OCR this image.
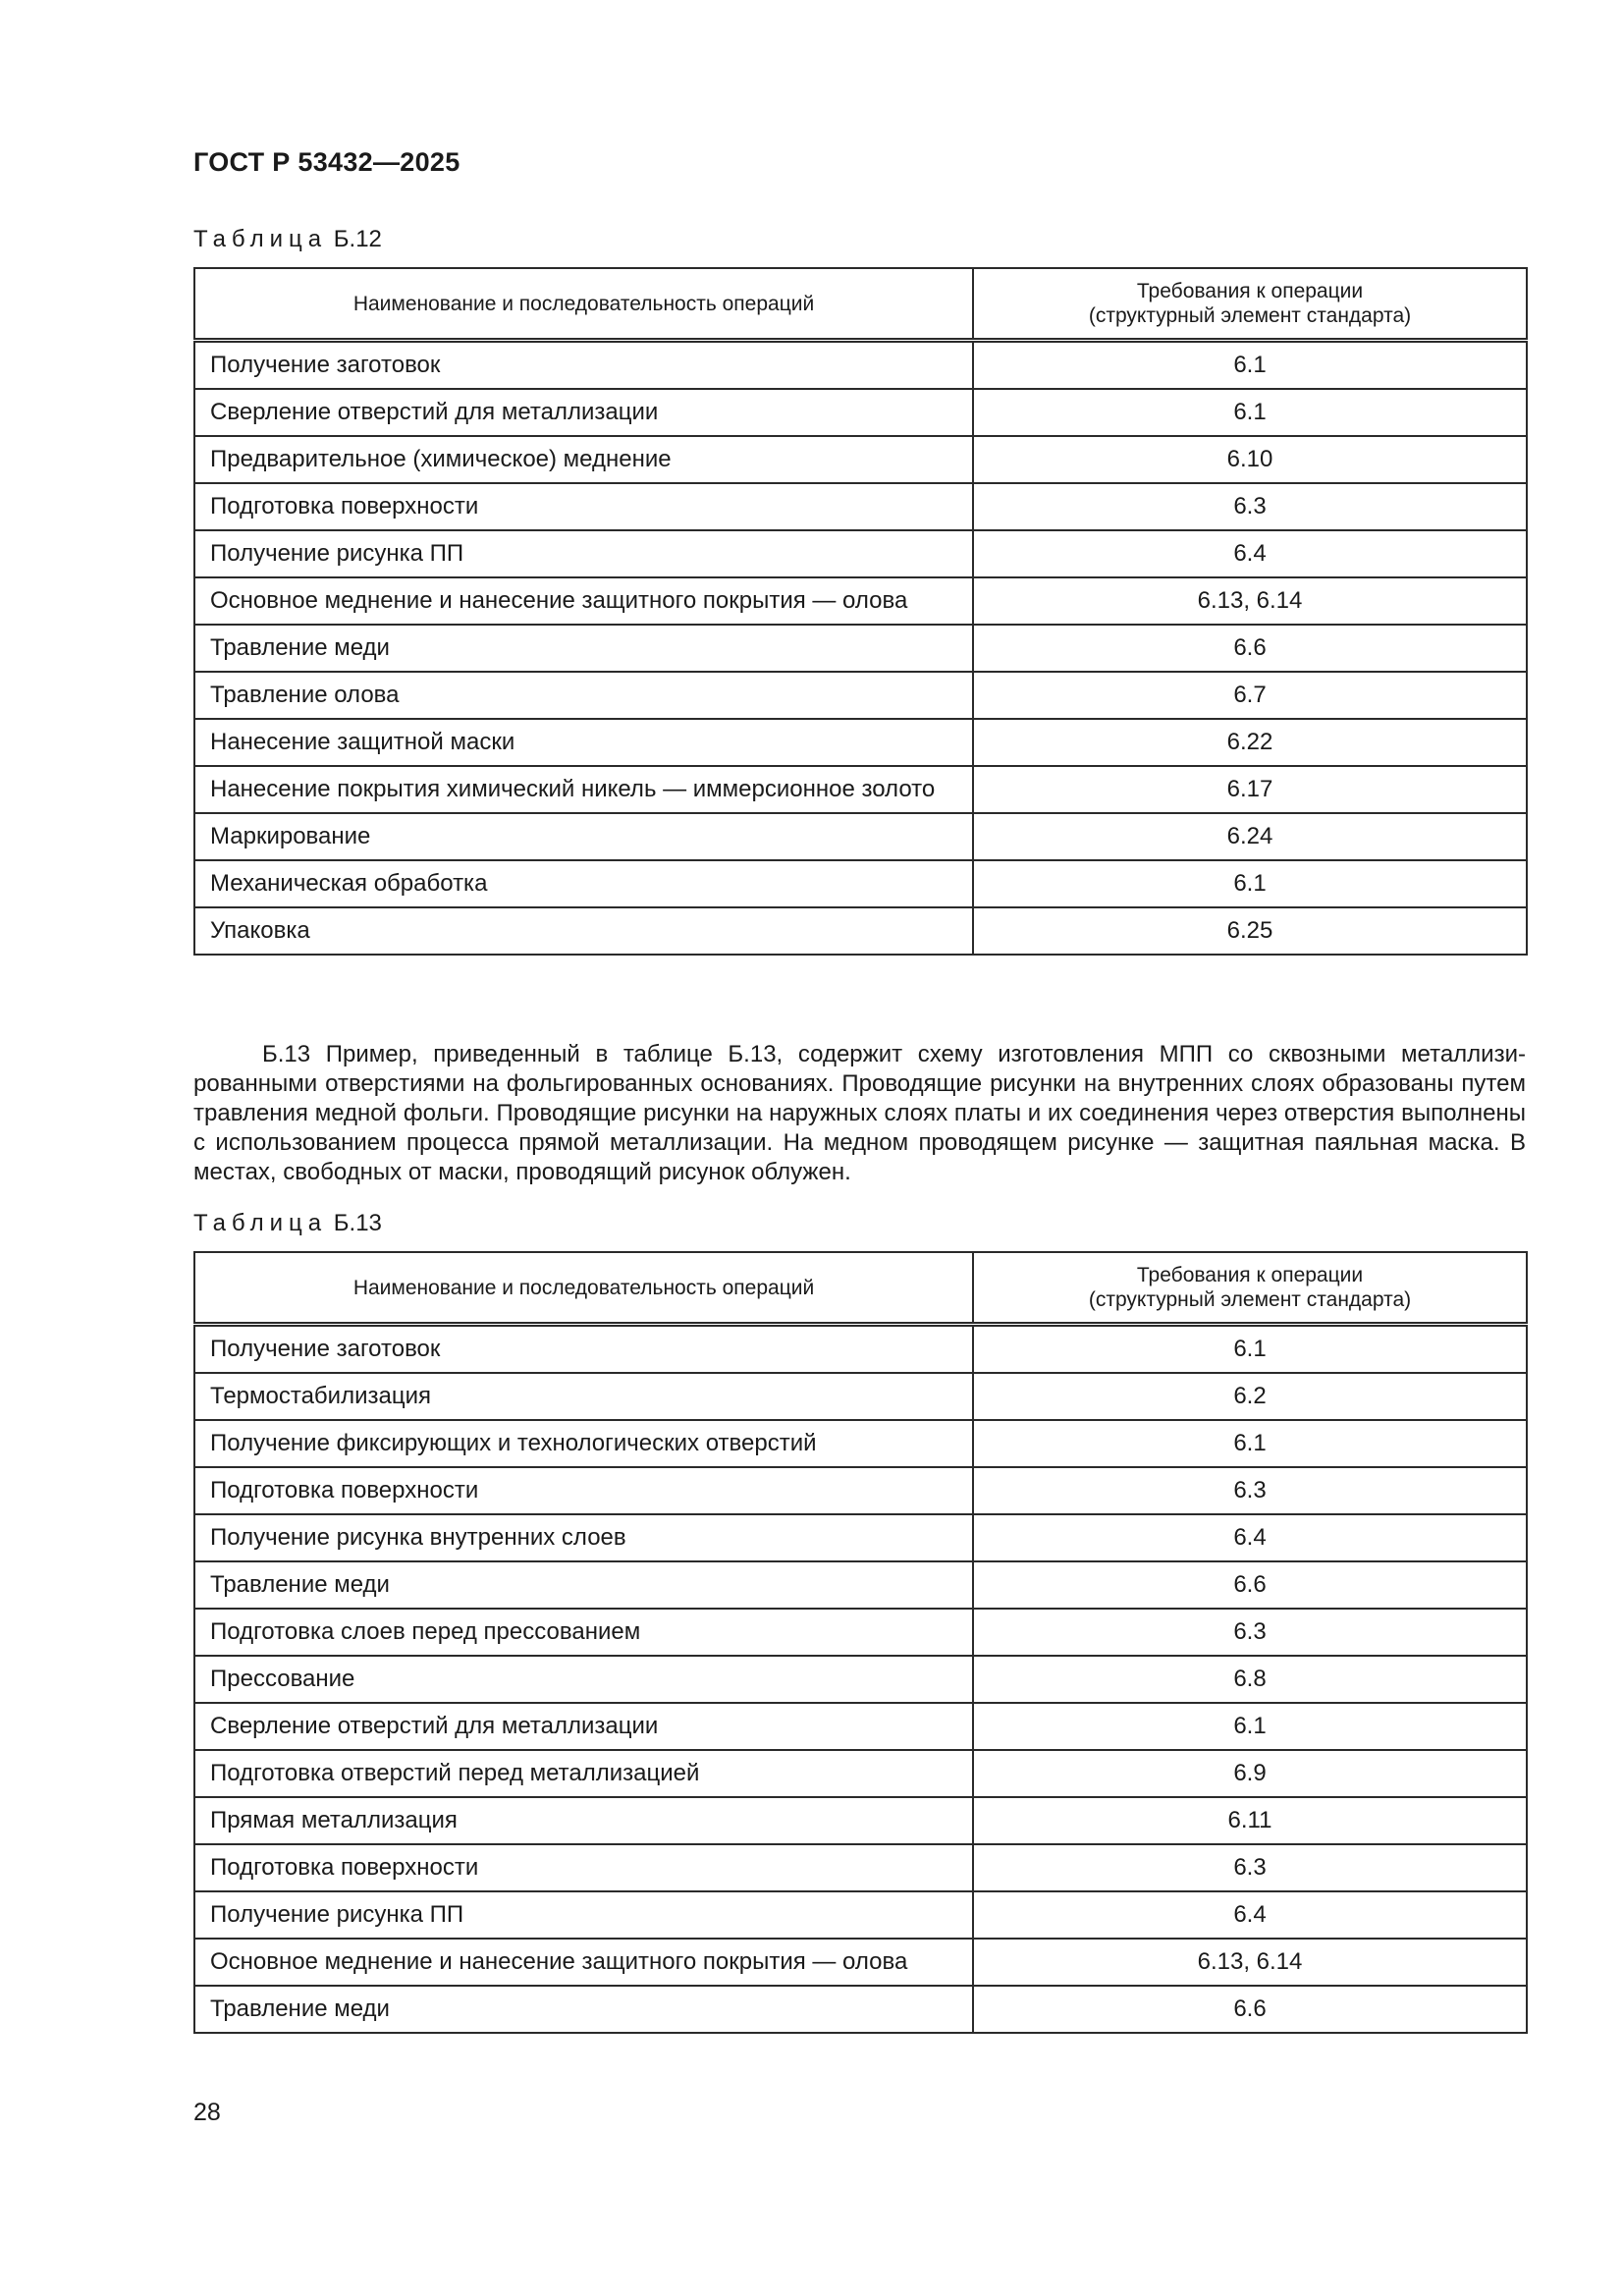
ГОСТ Р 53432—2025
Таблица Б.12
Наименование и последовательность операций	Требования к операции
(структурный элемент стандарта)
Получение заготовок	6.1
Сверление отверстий для металлизации	6.1
Предварительное (химическое) меднение	6.10
Подготовка поверхности	6.3
Получение рисунка ПП	6.4
Основное меднение и нанесение защитного покрытия — олова	6.13, 6.14
Травление меди	6.6
Травление олова	6.7
Нанесение защитной маски	6.22
Нанесение покрытия химический никель — иммерсионное золото	6.17
Маркирование	6.24
Механическая обработка	6.1
Упаковка	6.25
Б.13 Пример, приведенный в таблице Б.13, содержит схему изготовления МПП со сквозными металлизированными отверстиями на фольгированных основаниях. Проводящие рисунки на внутренних слоях образованы путем травления медной фольги. Проводящие рисунки на наружных слоях платы и их соединения через отверстия выполнены с использованием процесса прямой металлизации. На медном проводящем рисунке — защитная паяльная маска. В местах, свободных от маски, проводящий рисунок облужен.
Таблица Б.13
Наименование и последовательность операций	Требования к операции
(структурный элемент стандарта)
Получение заготовок	6.1
Термостабилизация	6.2
Получение фиксирующих и технологических отверстий	6.1
Подготовка поверхности	6.3
Получение рисунка внутренних слоев	6.4
Травление меди	6.6
Подготовка слоев перед прессованием	6.3
Прессование	6.8
Сверление отверстий для металлизации	6.1
Подготовка отверстий перед металлизацией	6.9
Прямая металлизация	6.11
Подготовка поверхности	6.3
Получение рисунка ПП	6.4
Основное меднение и нанесение защитного покрытия — олова	6.13, 6.14
Травление меди	6.6
28
